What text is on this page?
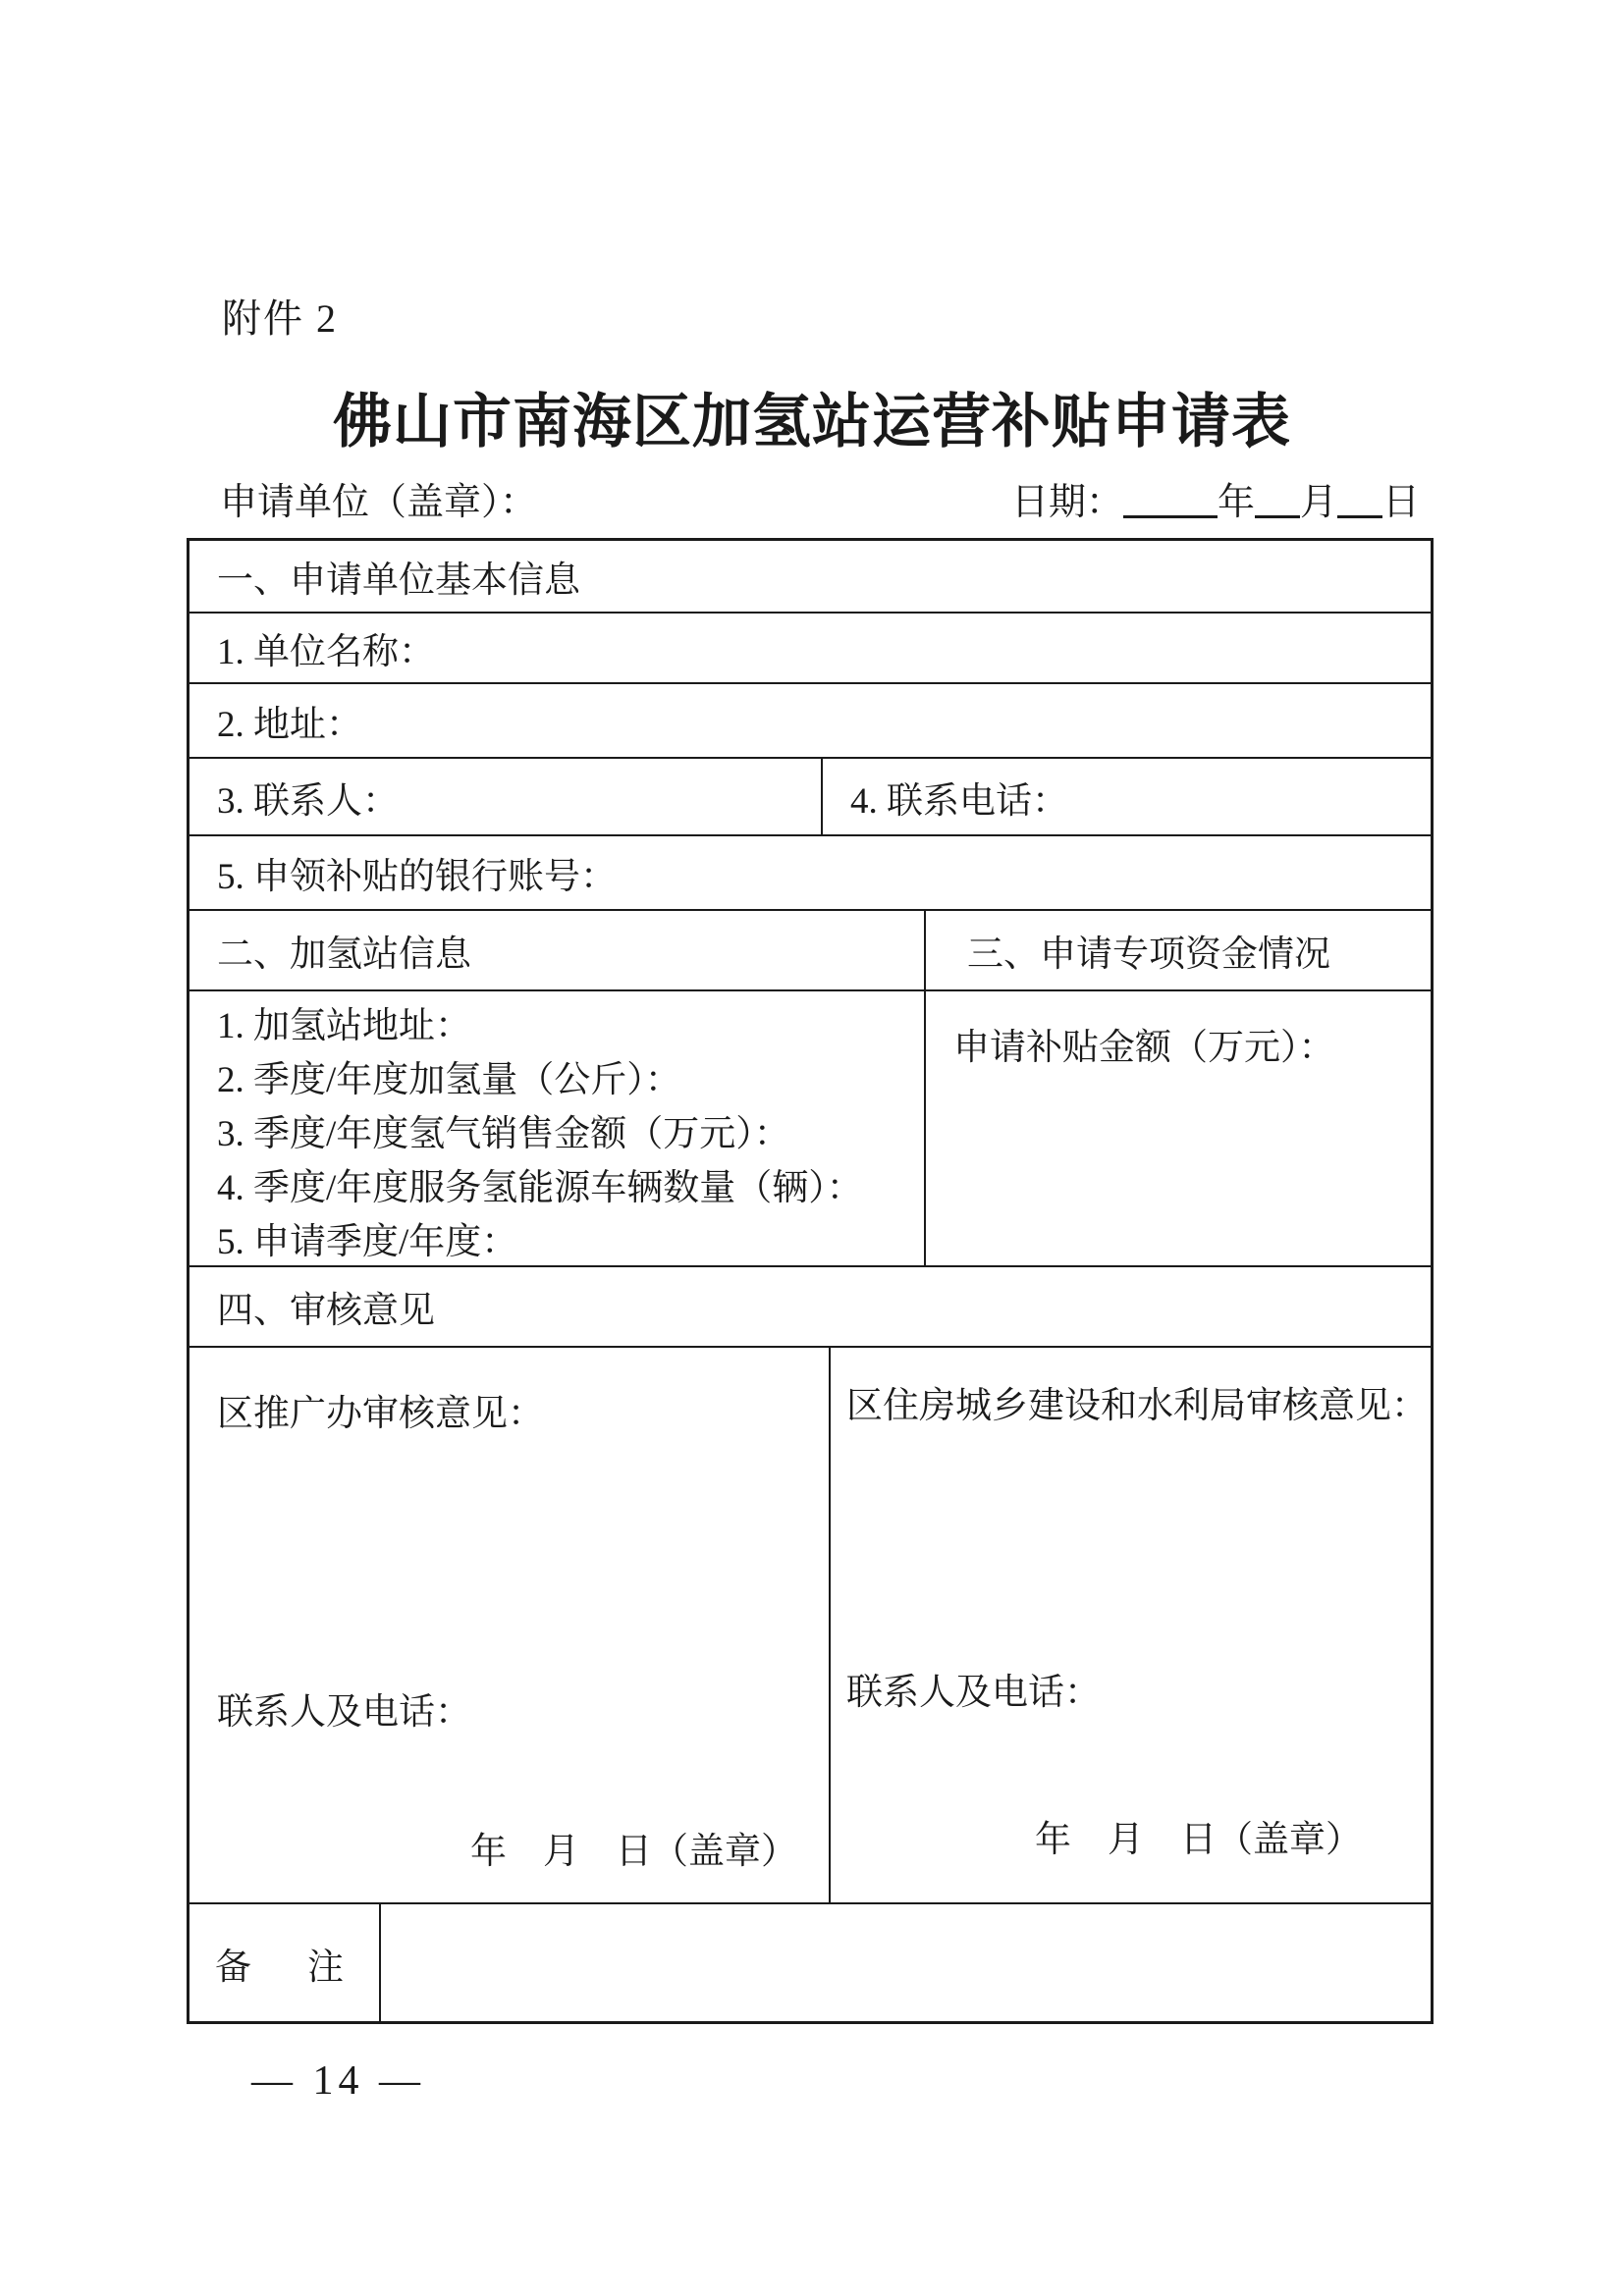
附件 2
佛山市南海区加氢站运营补贴申请表
申请单位（盖章）：	日期：	年 月 日
一、申请单位基本信息
1. 单位名称：
2. 地址：
3. 联系人：	4. 联系电话：
5. 申领补贴的银行账号：
二、加氢站信息	三、申请专项资金情况
1. 加氢站地址：
2. 季度/年度加氢量（公斤）：
3. 季度/年度氢气销售金额（万元）：
4. 季度/年度服务氢能源车辆数量（辆）：
5. 申请季度/年度：
申请补贴金额（万元）：
四、审核意见
区推广办审核意见：
联系人及电话：
年　月　日（盖章）
区住房城乡建设和水利局审核意见：
联系人及电话：
年　月　日（盖章）
备　注
— 14 —
